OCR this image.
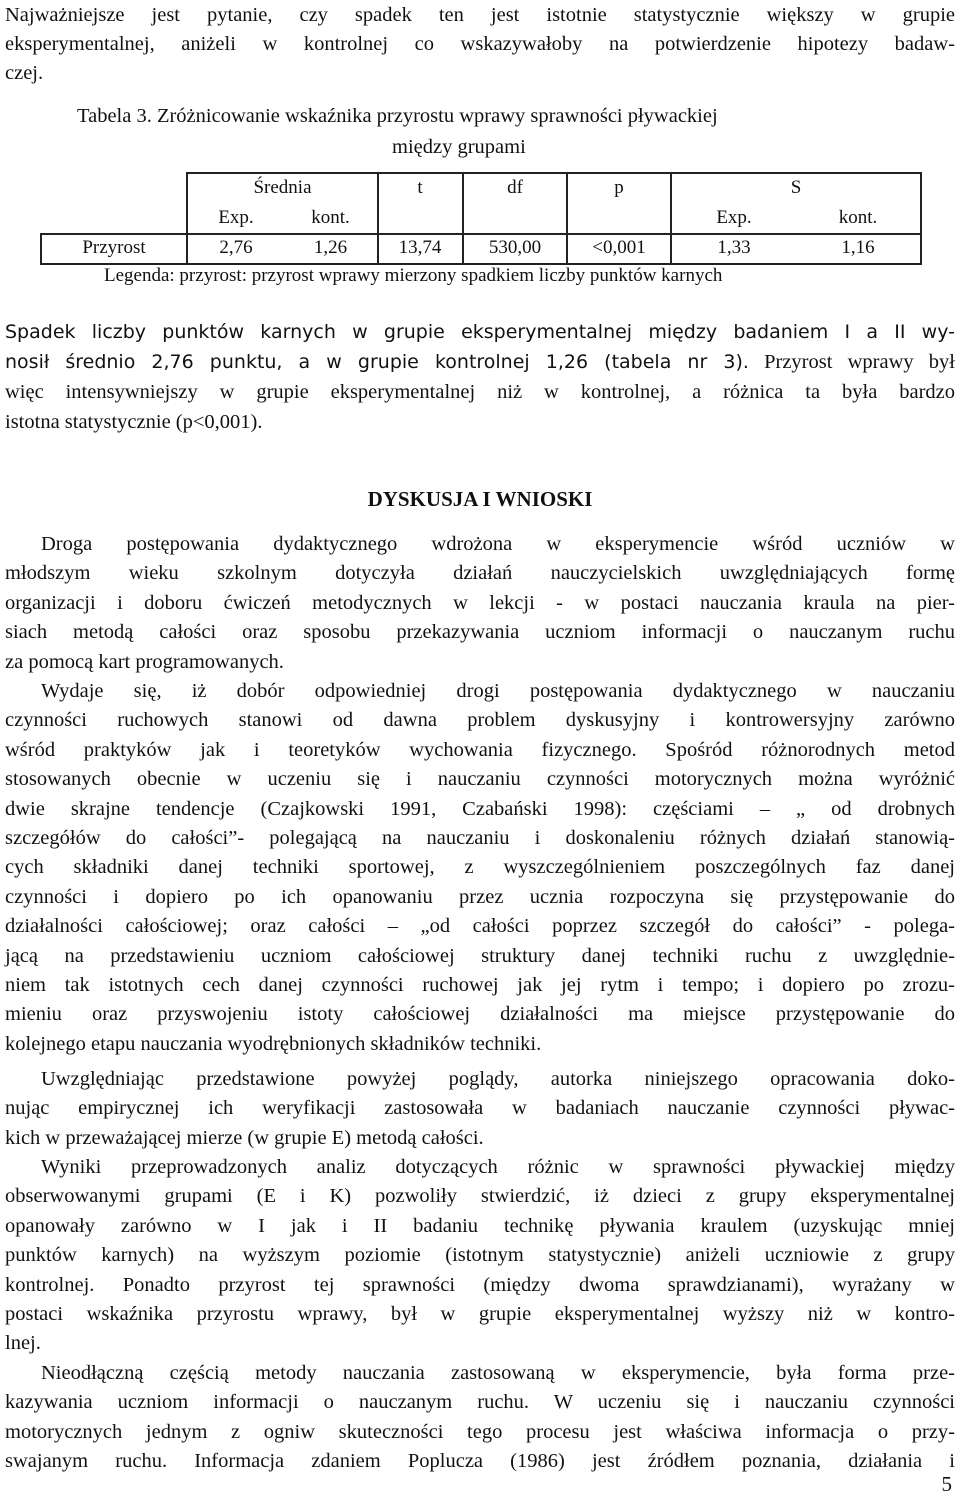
Najważniejsze jest pytanie, czy spadek ten jest istotnie statystycznie większy w grupie
eksperymentalnej, aniżeli w kontrolnej co wskazywałoby na potwierdzenie hipotezy badaw-
czej.
Tabela 3. Zróżnicowanie wskaźnika przyrostu wprawy sprawności pływackiej
między grupami
Średnia	t	df	p	S
Exp.	kont.	Exp.	kont.
Przyrost	2,76	1,26	13,74	530,00	<0,001	1,33	1,16
Legenda: przyrost: przyrost wprawy mierzony spadkiem liczby punktów karnych
Spadek liczby punktów karnych w grupie eksperymentalnej między badaniem I a II wy-
nosił średnio 2,76 punktu, a w grupie kontrolnej 1,26 (tabela nr 3). Przyrost wprawy był
więc intensywniejszy w grupie eksperymentalnej niż w kontrolnej, a różnica ta była bardzo
istotna statystycznie (p<0,001).
DYSKUSJA I WNIOSKI
Droga postępowania dydaktycznego wdrożona w eksperymencie wśród uczniów w
młodszym wieku szkolnym dotyczyła działań nauczycielskich uwzględniających formę
organizacji i doboru ćwiczeń metodycznych w lekcji - w postaci nauczania kraula na pier-
siach metodą całości oraz sposobu przekazywania uczniom informacji o nauczanym ruchu
za pomocą kart programowanych.
Wydaje się, iż dobór odpowiedniej drogi postępowania dydaktycznego w nauczaniu
czynności ruchowych stanowi od dawna problem dyskusyjny i kontrowersyjny zarówno
wśród praktyków jak i teoretyków wychowania fizycznego. Spośród różnorodnych metod
stosowanych obecnie w uczeniu się i nauczaniu czynności motorycznych można wyróżnić
dwie skrajne tendencje (Czajkowski 1991, Czabański 1998): częściami – „ od drobnych
szczegółów do całości”- polegającą na nauczaniu i doskonaleniu różnych działań stanowią-
cych składniki danej techniki sportowej, z wyszczególnieniem poszczególnych faz danej
czynności i dopiero po ich opanowaniu przez ucznia rozpoczyna się przystępowanie do
działalności całościowej; oraz całości – „od całości poprzez szczegół do całości” - polega-
jącą na przedstawieniu uczniom całościowej struktury danej techniki ruchu z uwzględnie-
niem tak istotnych cech danej czynności ruchowej jak jej rytm i tempo; i dopiero po zrozu-
mieniu oraz przyswojeniu istoty całościowej działalności ma miejsce przystępowanie do
kolejnego etapu nauczania wyodrębnionych składników techniki.
Uwzględniając przedstawione powyżej poglądy, autorka niniejszego opracowania doko-
nując empirycznej ich weryfikacji zastosowała w badaniach nauczanie czynności pływac-
kich w przeważającej mierze (w grupie E) metodą całości.
Wyniki przeprowadzonych analiz dotyczących różnic w sprawności pływackiej między
obserwowanymi grupami (E i K) pozwoliły stwierdzić, iż dzieci z grupy eksperymentalnej
opanowały zarówno w I jak i II badaniu technikę pływania kraulem (uzyskując mniej
punktów karnych) na wyższym poziomie (istotnym statystycznie) aniżeli uczniowie z grupy
kontrolnej. Ponadto przyrost tej sprawności (między dwoma sprawdzianami), wyrażany w
postaci wskaźnika przyrostu wprawy, był w grupie eksperymentalnej wyższy niż w kontro-
lnej.
Nieodłączną częścią metody nauczania zastosowaną w eksperymencie, była forma prze-
kazywania uczniom informacji o nauczanym ruchu. W uczeniu się i nauczaniu czynności
motorycznych jednym z ogniw skuteczności tego procesu jest właściwa informacja o przy-
swajanym ruchu. Informacja zdaniem Poplucza (1986) jest źródłem poznania, działania i
5
